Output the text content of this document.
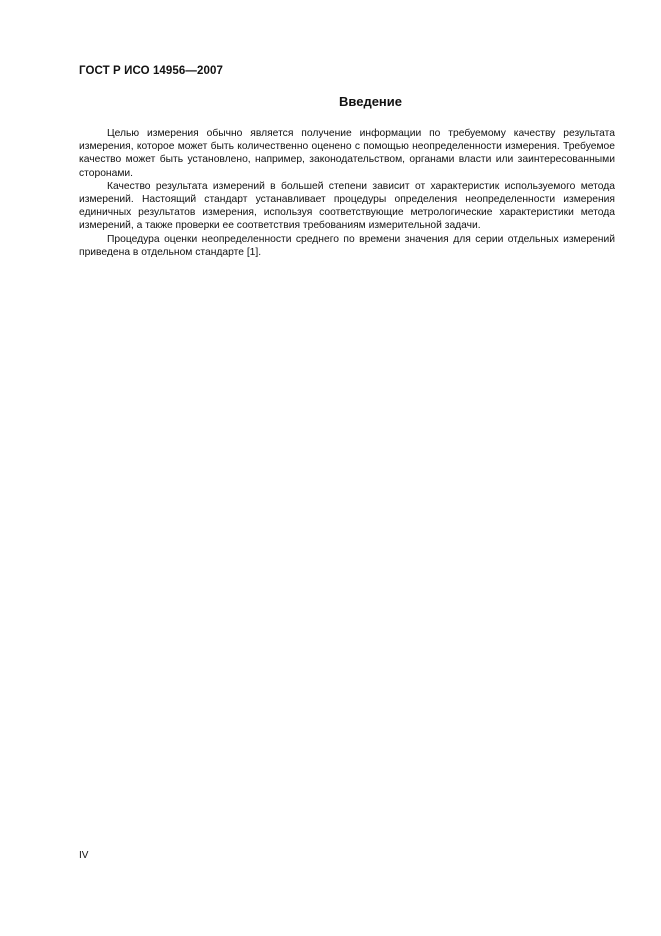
ГОСТ Р ИСО 14956—2007
Введение

Целью измерения обычно является получение информации по требуемому качеству результата измерения, которое может быть количественно оценено с помощью неопределенности измерения. Требуемое качество может быть установлено, например, законодательством, органами власти или заинтересованными сторонами.

Качество результата измерений в большей степени зависит от характеристик используемого метода измерений. Настоящий стандарт устанавливает процедуры определения неопределенности измерения единичных результатов измерения, используя соответствующие метрологические характеристики метода измерений, а также проверки ее соответствия требованиям измерительной задачи.

Процедура оценки неопределенности среднего по времени значения для серии отдельных измерений приведена в отдельном стандарте [1].

IV
